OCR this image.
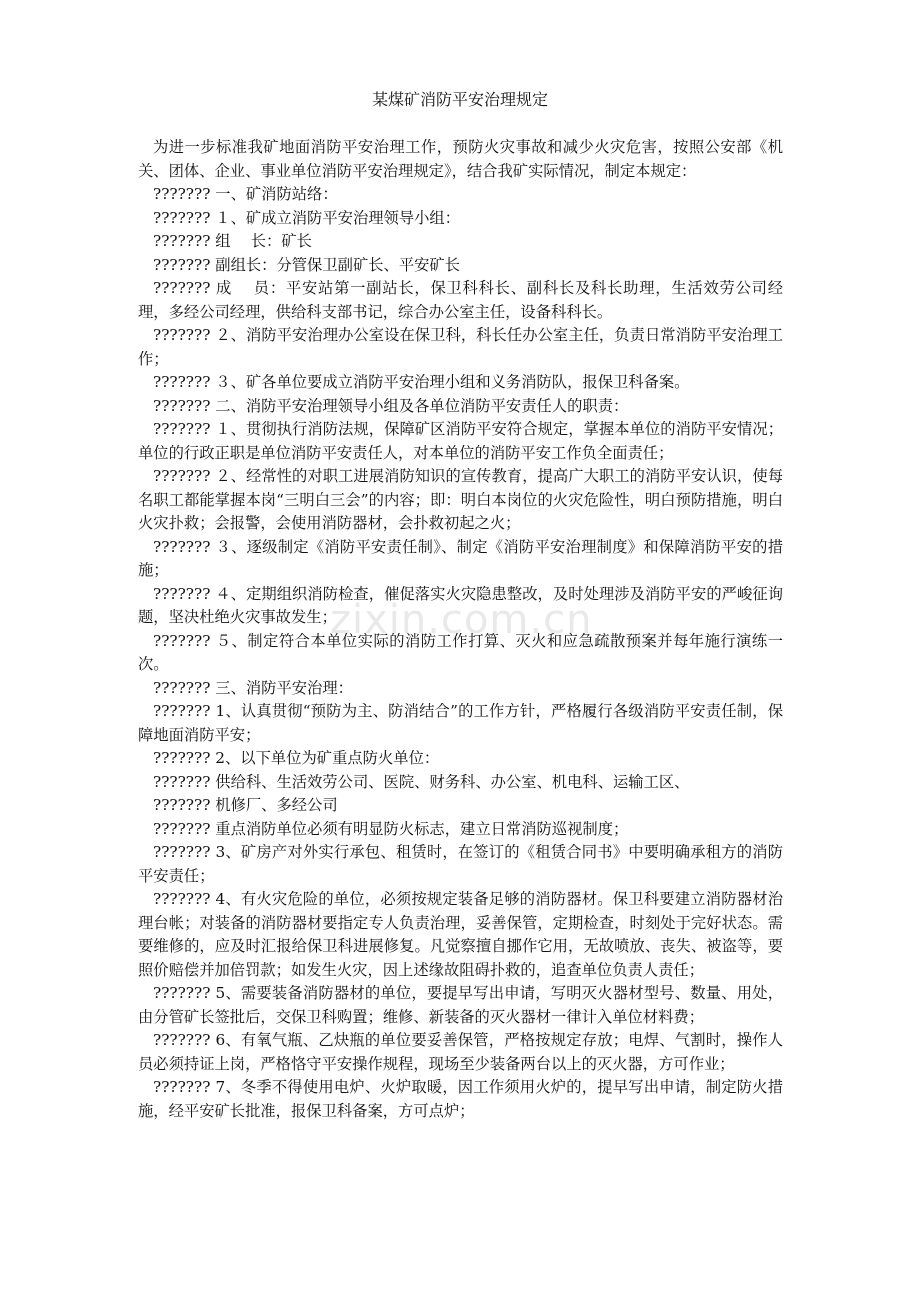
某煤矿消防平安治理规定

为进一步标准我矿地面消防平安治理工作，预防火灾事故和减少火灾危害，按照公安部《机关、团体、企业、事业单位消防平安治理规定》，结合我矿实际情况，制定本规定：

??????? 一、矿消防站络：

??????? １、矿成立消防平安治理领导小组：

??????? 组　 长：矿长

??????? 副组长：分管保卫副矿长、平安矿长

??????? 成　 员：平安站第一副站长，保卫科科长、副科长及科长助理，生活效劳公司经理，多经公司经理，供给科支部书记，综合办公室主任，设备科科长。

??????? ２、消防平安治理办公室设在保卫科，科长任办公室主任，负责日常消防平安治理工作；

??????? ３、矿各单位要成立消防平安治理小组和义务消防队，报保卫科备案。

??????? 二、消防平安治理领导小组及各单位消防平安责任人的职责：

??????? １、贯彻执行消防法规，保障矿区消防平安符合规定，掌握本单位的消防平安情况；单位的行政正职是单位消防平安责任人，对本单位的消防平安工作负全面责任；

??????? ２、经常性的对职工进展消防知识的宣传教育，提高广大职工的消防平安认识，使每名职工都能掌握本岗“三明白三会”的内容；即：明白本岗位的火灾危险性，明白预防措施，明白火灾扑救；会报警，会使用消防器材，会扑救初起之火；

??????? ３、逐级制定《消防平安责任制》、制定《消防平安治理制度》和保障消防平安的措施；

??????? ４、定期组织消防检查，催促落实火灾隐患整改，及时处理涉及消防平安的严峻征询题，坚决杜绝火灾事故发生；

??????? ５、制定符合本单位实际的消防工作打算、灭火和应急疏散预案并每年施行演练一次。

??????? 三、消防平安治理：

??????? 1、认真贯彻“预防为主、防消结合”的工作方针，严格履行各级消防平安责任制，保障地面消防平安；

??????? 2、以下单位为矿重点防火单位：

??????? 供给科、生活效劳公司、医院、财务科、办公室、机电科、运输工区、

??????? 机修厂、多经公司

??????? 重点消防单位必须有明显防火标志，建立日常消防巡视制度；

??????? 3、矿房产对外实行承包、租赁时，在签订的《租赁合同书》中要明确承租方的消防平安责任；

??????? 4、有火灾危险的单位，必须按规定装备足够的消防器材。保卫科要建立消防器材治理台帐；对装备的消防器材要指定专人负责治理，妥善保管，定期检查，时刻处于完好状态。需要维修的，应及时汇报给保卫科进展修复。凡觉察擅自挪作它用，无故喷放、丧失、被盗等，要照价赔偿并加倍罚款；如发生火灾，因上述缘故阻碍扑救的，追查单位负责人责任；

??????? 5、需要装备消防器材的单位，要提早写出申请，写明灭火器材型号、数量、用处，由分管矿长签批后，交保卫科购置；维修、新装备的灭火器材一律计入单位材料费；

??????? 6、有氧气瓶、乙炔瓶的单位要妥善保管，严格按规定存放；电焊、气割时，操作人员必须持证上岗，严格恪守平安操作规程，现场至少装备两台以上的灭火器，方可作业；

??????? 7、冬季不得使用电炉、火炉取暖，因工作须用火炉的，提早写出申请，制定防火措施，经平安矿长批准，报保卫科备案，方可点炉；

zixin.com.cn
